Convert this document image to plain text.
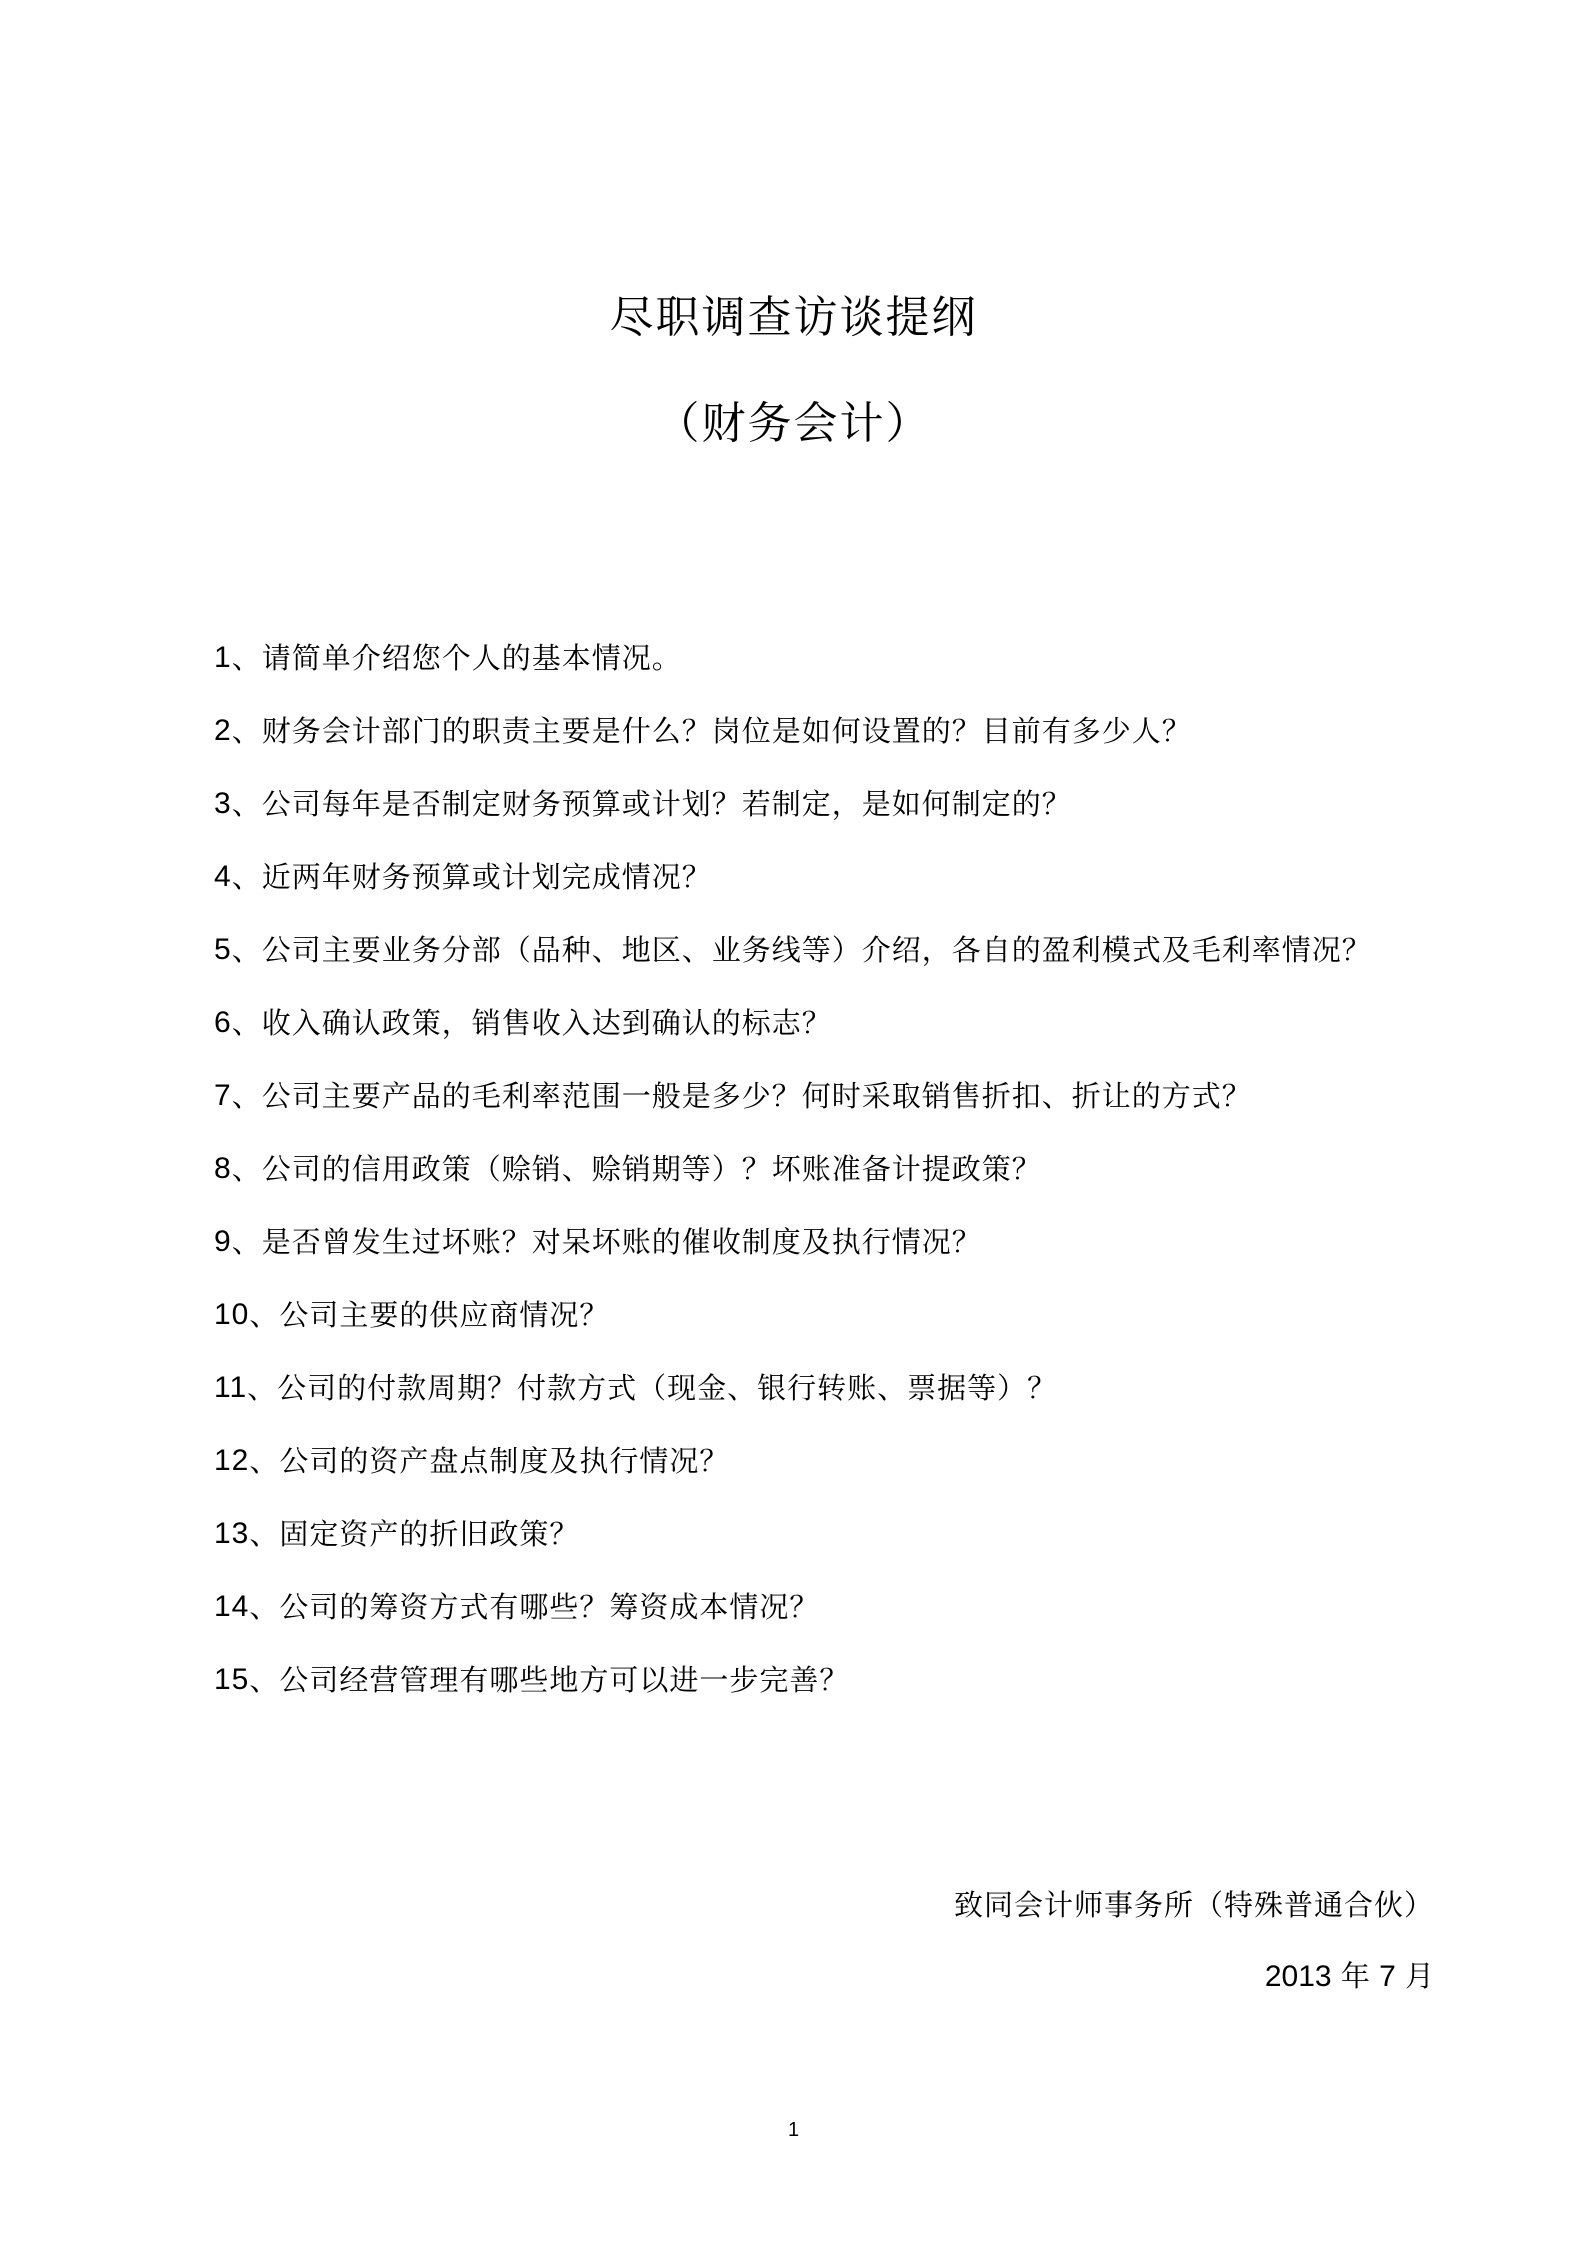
尽职调查访谈提纲
（财务会计）
1 、 请简单介绍您个人的基本情况。
2 、 财务会计部门的职责主要是什么？岗位是如何设置的？目前有多少人？
3 、 公司每年是否制定财务预算或计划？若制定，是如何制定的？
4 、 近两年财务预算或计划完成情况？
5 、 公司主要业务分部（品种、地区、业务线等）介绍，各自的盈利模式及毛利率情况？
6 、 收入确认政策，销售收入达到确认的标志？
7 、 公司主要产品的毛利率范围一般是多少？何时采取销售折扣、折让的方式？
8 、 公司的信用政策（赊销、赊销期等）？坏账准备计提政策？
9 、 是否曾发生过坏账？对呆坏账的催收制度及执行情况？
10 、 公司主要的供应商情况？
11 、 公司的付款周期？付款方式（现金、银行转账、票据等）？
12 、 公司的资产盘点制度及执行情况？
13 、 固定资产的折旧政策？
14 、 公司的筹资方式有哪些？筹资成本情况？
15 、 公司经营管理有哪些地方可以进一步完善？
致同会计师事务所（特殊普通合伙）
2013 年 7 月
1
